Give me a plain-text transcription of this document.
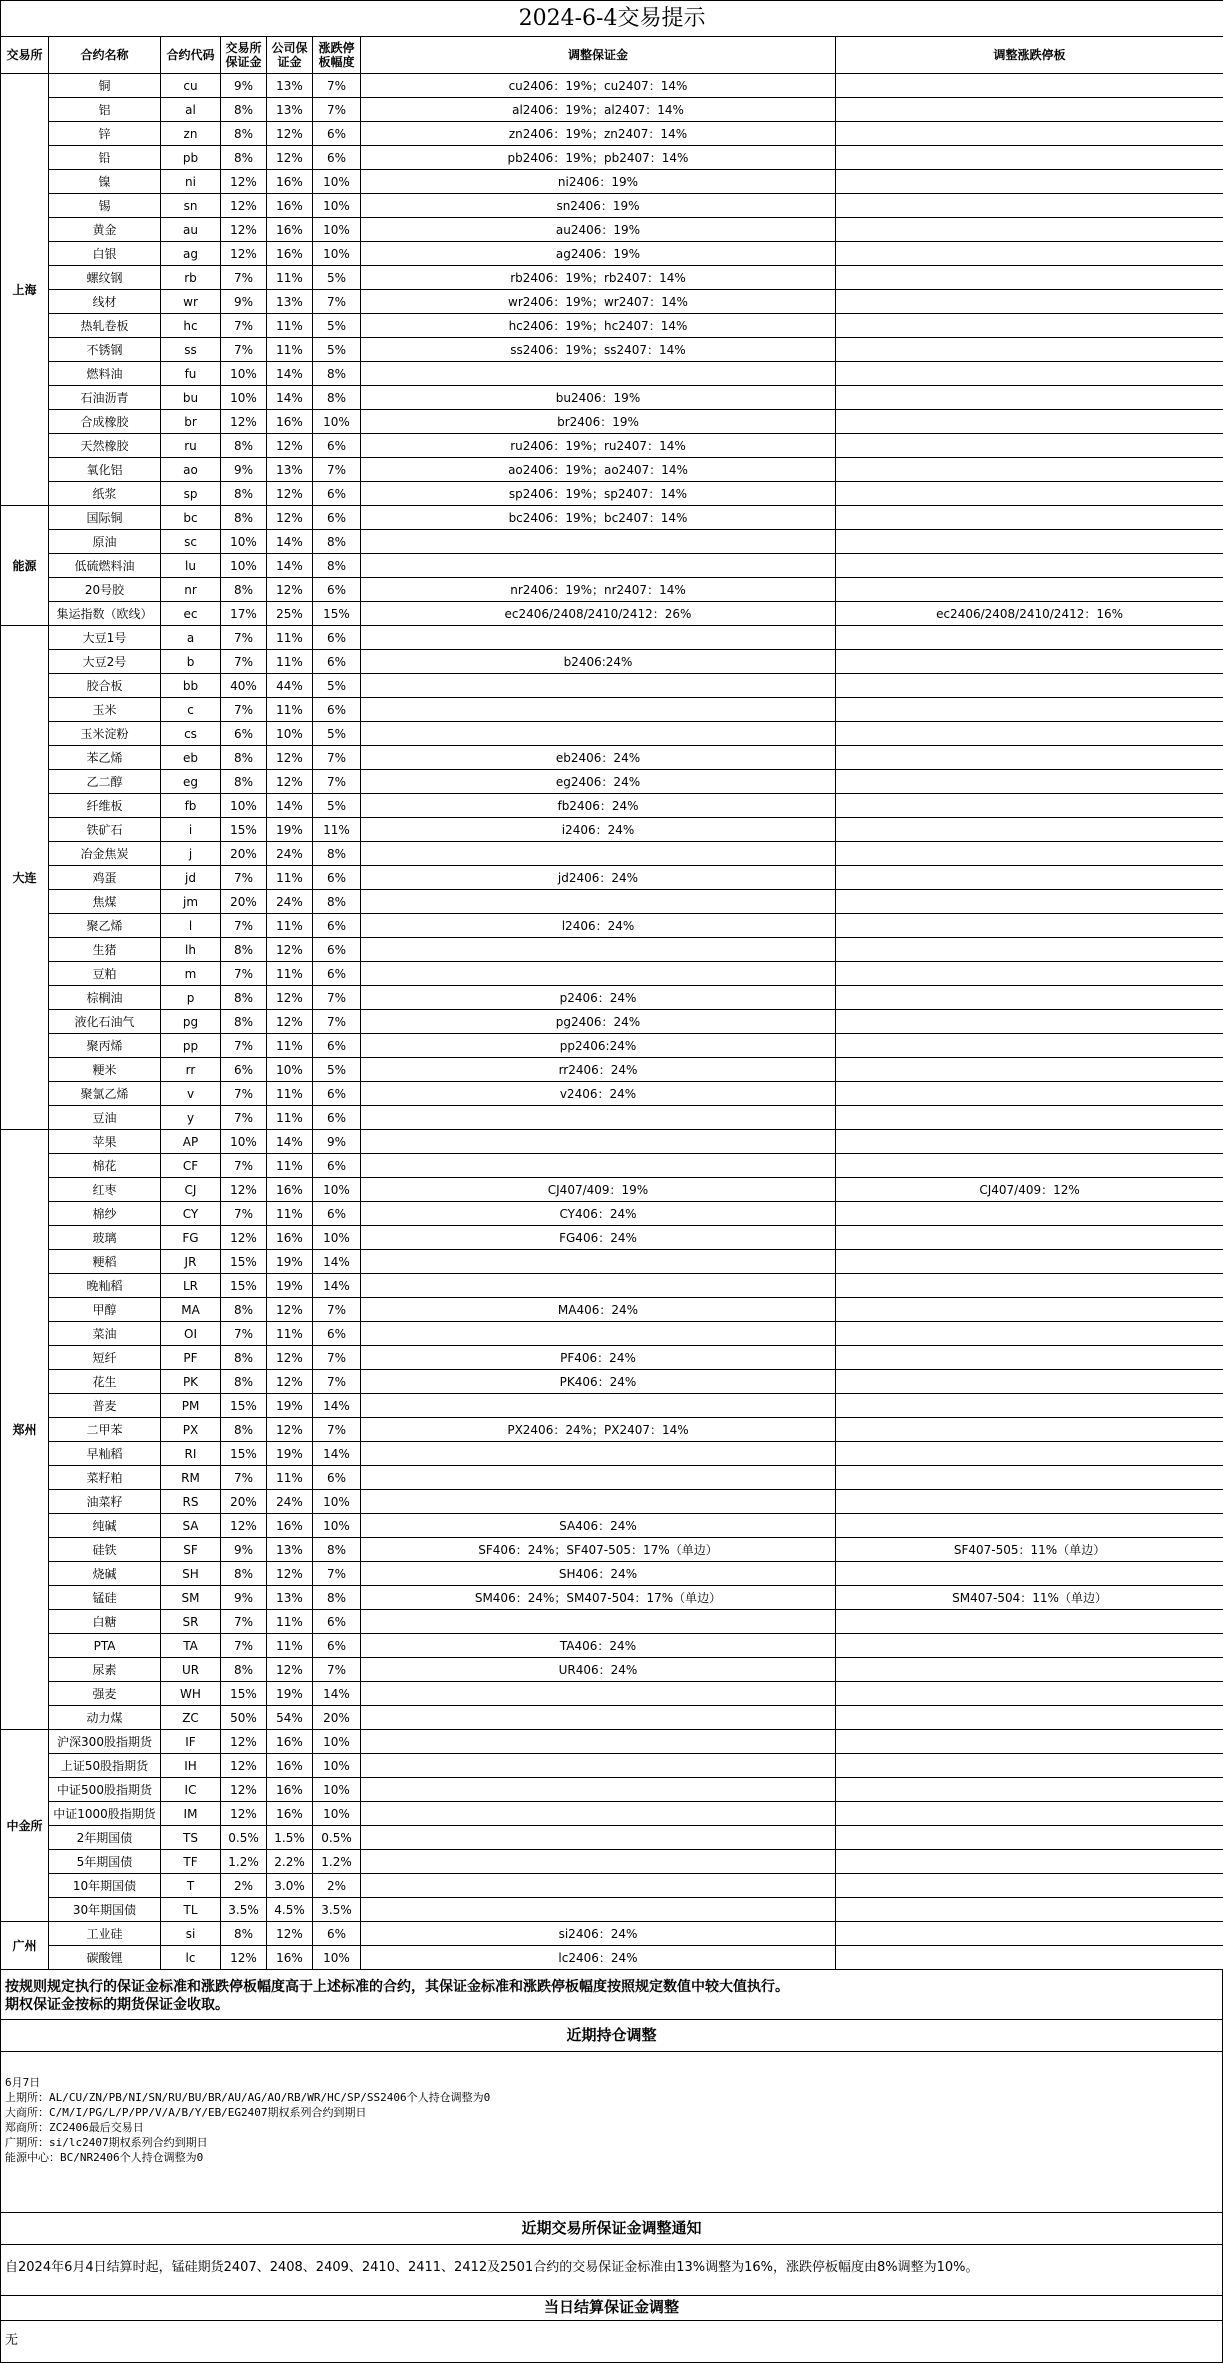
2024-6-4交易提示							
交易所	合约名称	合约代码	交易所保证金	公司保证金	涨跌停板幅度	调整保证金	调整涨跌停板
上海	铜	cu	9%	13%	7%	cu2406：19%；cu2407：14%	
	铝	al	8%	13%	7%	al2406：19%；al2407：14%	
	锌	zn	8%	12%	6%	zn2406：19%；zn2407：14%	
	铅	pb	8%	12%	6%	pb2406：19%；pb2407：14%	
	镍	ni	12%	16%	10%	ni2406：19%	
	锡	sn	12%	16%	10%	sn2406：19%	
	黄金	au	12%	16%	10%	au2406：19%	
	白银	ag	12%	16%	10%	ag2406：19%	
	螺纹钢	rb	7%	11%	5%	rb2406：19%；rb2407：14%	
	线材	wr	9%	13%	7%	wr2406：19%；wr2407：14%	
	热轧卷板	hc	7%	11%	5%	hc2406：19%；hc2407：14%	
	不锈钢	ss	7%	11%	5%	ss2406：19%；ss2407：14%	
	燃料油	fu	10%	14%	8%		
	石油沥青	bu	10%	14%	8%	bu2406：19%	
	合成橡胶	br	12%	16%	10%	br2406：19%	
	天然橡胶	ru	8%	12%	6%	ru2406：19%；ru2407：14%	
	氧化铝	ao	9%	13%	7%	ao2406：19%；ao2407：14%	
	纸浆	sp	8%	12%	6%	sp2406：19%；sp2407：14%	
能源	国际铜	bc	8%	12%	6%	bc2406：19%；bc2407：14%	
	原油	sc	10%	14%	8%		
	低硫燃料油	lu	10%	14%	8%		
	20号胶	nr	8%	12%	6%	nr2406：19%；nr2407：14%	
	集运指数（欧线）	ec	17%	25%	15%	ec2406/2408/2410/2412：26%	ec2406/2408/2410/2412：16%
大连	大豆1号	a	7%	11%	6%		
	大豆2号	b	7%	11%	6%	b2406:24%	
	胶合板	bb	40%	44%	5%		
	玉米	c	7%	11%	6%		
	玉米淀粉	cs	6%	10%	5%		
	苯乙烯	eb	8%	12%	7%	eb2406：24%	
	乙二醇	eg	8%	12%	7%	eg2406：24%	
	纤维板	fb	10%	14%	5%	fb2406：24%	
	铁矿石	i	15%	19%	11%	i2406：24%	
	冶金焦炭	j	20%	24%	8%		
	鸡蛋	jd	7%	11%	6%	jd2406：24%	
	焦煤	jm	20%	24%	8%		
	聚乙烯	l	7%	11%	6%	l2406：24%	
	生猪	lh	8%	12%	6%		
	豆粕	m	7%	11%	6%		
	棕榈油	p	8%	12%	7%	p2406：24%	
	液化石油气	pg	8%	12%	7%	pg2406：24%	
	聚丙烯	pp	7%	11%	6%	pp2406:24%	
	粳米	rr	6%	10%	5%	rr2406：24%	
	聚氯乙烯	v	7%	11%	6%	v2406：24%	
	豆油	y	7%	11%	6%		
郑州	苹果	AP	10%	14%	9%		
	棉花	CF	7%	11%	6%		
	红枣	CJ	12%	16%	10%	CJ407/409：19%	CJ407/409：12%
	棉纱	CY	7%	11%	6%	CY406：24%	
	玻璃	FG	12%	16%	10%	FG406：24%	
	粳稻	JR	15%	19%	14%		
	晚籼稻	LR	15%	19%	14%		
	甲醇	MA	8%	12%	7%	MA406：24%	
	菜油	OI	7%	11%	6%		
	短纤	PF	8%	12%	7%	PF406：24%	
	花生	PK	8%	12%	7%	PK406：24%	
	普麦	PM	15%	19%	14%		
	二甲苯	PX	8%	12%	7%	PX2406：24%；PX2407：14%	
	早籼稻	RI	15%	19%	14%		
	菜籽粕	RM	7%	11%	6%		
	油菜籽	RS	20%	24%	10%		
	纯碱	SA	12%	16%	10%	SA406：24%	
	硅铁	SF	9%	13%	8%	SF406：24%；SF407-505：17%（单边）	SF407-505：11%（单边）
	烧碱	SH	8%	12%	7%	SH406：24%	
	锰硅	SM	9%	13%	8%	SM406：24%；SM407-504：17%（单边）	SM407-504：11%（单边）
	白糖	SR	7%	11%	6%		
	PTA	TA	7%	11%	6%	TA406：24%	
	尿素	UR	8%	12%	7%	UR406：24%	
	强麦	WH	15%	19%	14%		
	动力煤	ZC	50%	54%	20%		
中金所	沪深300股指期货	IF	12%	16%	10%		
	上证50股指期货	IH	12%	16%	10%		
	中证500股指期货	IC	12%	16%	10%		
	中证1000股指期货	IM	12%	16%	10%		
	2年期国债	TS	0.5%	1.5%	0.5%		
	5年期国债	TF	1.2%	2.2%	1.2%		
	10年期国债	T	2%	3.0%	2%		
	30年期国债	TL	3.5%	4.5%	3.5%		
广州	工业硅	si	8%	12%	6%	si2406：24%	
	碳酸锂	lc	12%	16%	10%	lc2406：24%	
按规则规定执行的保证金标准和涨跌停板幅度高于上述标准的合约，其保证金标准和涨跌停板幅度按照规定数值中较大值执行。
期权保证金按标的期货保证金收取。
近期持仓调整
6月7日
上期所：AL/CU/ZN/PB/NI/SN/RU/BU/BR/AU/AG/AO/RB/WR/HC/SP/SS2406个人持仓调整为0
大商所：C/M/I/PG/L/P/PP/V/A/B/Y/EB/EG2407期权系列合约到期日
郑商所：ZC2406最后交易日
广期所：si/lc2407期权系列合约到期日
能源中心：BC/NR2406个人持仓调整为0
近期交易所保证金调整通知
自2024年6月4日结算时起，锰硅期货2407、2408、2409、2410、2411、2412及2501合约的交易保证金标准由13%调整为16%，涨跌停板幅度由8%调整为10%。
当日结算保证金调整
无
